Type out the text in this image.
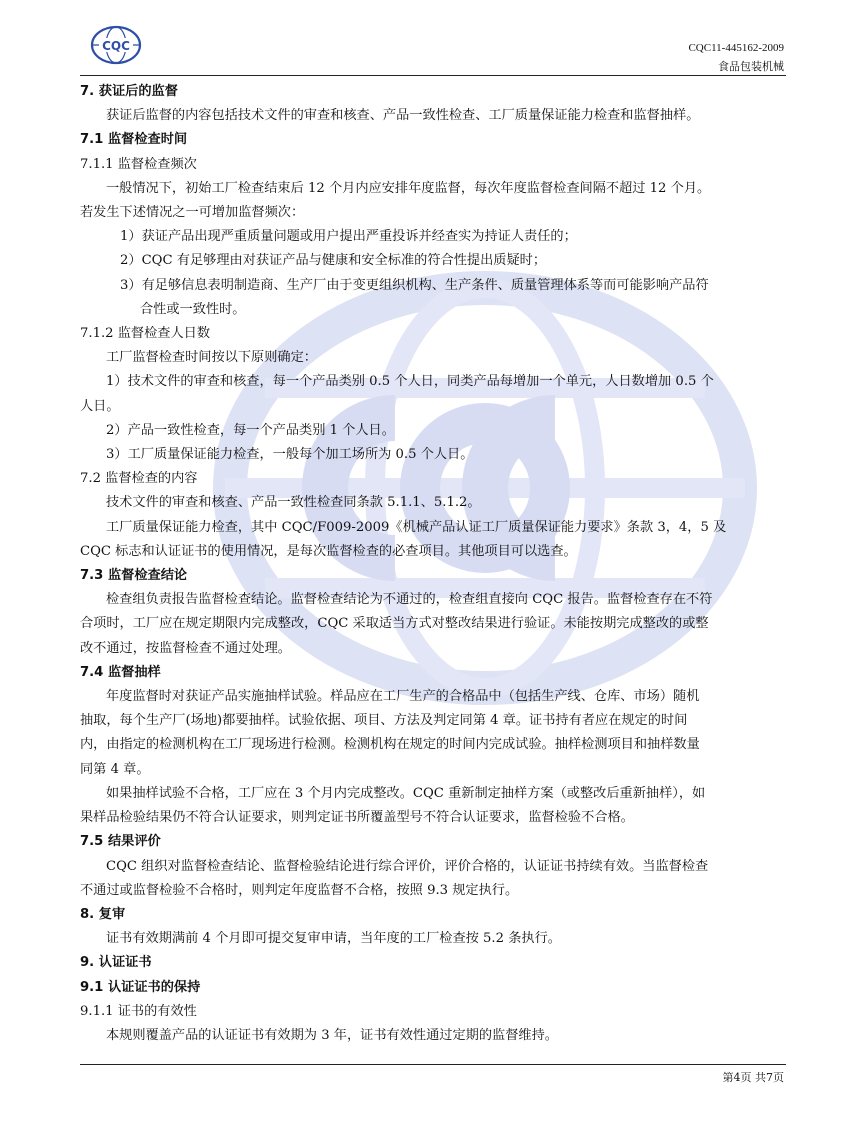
CQC	CQC11-445162-2009
食品包装机械

7. 获证后的监督

获证后监督的内容包括技术文件的审查和核查、产品一致性检查、工厂质量保证能力检查和监督抽样。

7.1 监督检查时间

7.1.1 监督检查频次

一般情况下，初始工厂检查结束后 12 个月内应安排年度监督，每次年度监督检查间隔不超过 12 个月。

若发生下述情况之一可增加监督频次：

1）获证产品出现严重质量问题或用户提出严重投诉并经查实为持证人责任的；

2）CQC 有足够理由对获证产品与健康和安全标准的符合性提出质疑时；

3）有足够信息表明制造商、生产厂由于变更组织机构、生产条件、质量管理体系等而可能影响产品符

合性或一致性时。

7.1.2 监督检查人日数

工厂监督检查时间按以下原则确定：

1）技术文件的审查和核查，每一个产品类别 0.5 个人日，同类产品每增加一个单元，人日数增加 0.5 个

人日。

2）产品一致性检查，每一个产品类别 1 个人日。

3）工厂质量保证能力检查，一般每个加工场所为 0.5 个人日。

7.2 监督检查的内容

技术文件的审查和核查、产品一致性检查同条款 5.1.1、5.1.2。

工厂质量保证能力检查，其中 CQC/F009-2009《机械产品认证工厂质量保证能力要求》条款 3，4，5 及

CQC 标志和认证证书的使用情况，是每次监督检查的必查项目。其他项目可以选查。

7.3 监督检查结论

检查组负责报告监督检查结论。监督检查结论为不通过的，检查组直接向 CQC 报告。监督检查存在不符

合项时，工厂应在规定期限内完成整改，CQC 采取适当方式对整改结果进行验证。未能按期完成整改的或整

改不通过，按监督检查不通过处理。

7.4 监督抽样

年度监督时对获证产品实施抽样试验。样品应在工厂生产的合格品中（包括生产线、仓库、市场）随机

抽取，每个生产厂(场地)都要抽样。试验依据、项目、方法及判定同第 4 章。证书持有者应在规定的时间

内，由指定的检测机构在工厂现场进行检测。检测机构在规定的时间内完成试验。抽样检测项目和抽样数量

同第 4 章。

如果抽样试验不合格，工厂应在 3 个月内完成整改。CQC 重新制定抽样方案（或整改后重新抽样），如

果样品检验结果仍不符合认证要求，则判定证书所覆盖型号不符合认证要求，监督检验不合格。

7.5 结果评价

CQC 组织对监督检查结论、监督检验结论进行综合评价，评价合格的，认证证书持续有效。当监督检查

不通过或监督检验不合格时，则判定年度监督不合格，按照 9.3 规定执行。

8. 复审

证书有效期满前 4 个月即可提交复审申请，当年度的工厂检查按 5.2 条执行。

9. 认证证书

9.1 认证证书的保持

9.1.1 证书的有效性

本规则覆盖产品的认证证书有效期为 3 年，证书有效性通过定期的监督维持。

第4页 共7页
